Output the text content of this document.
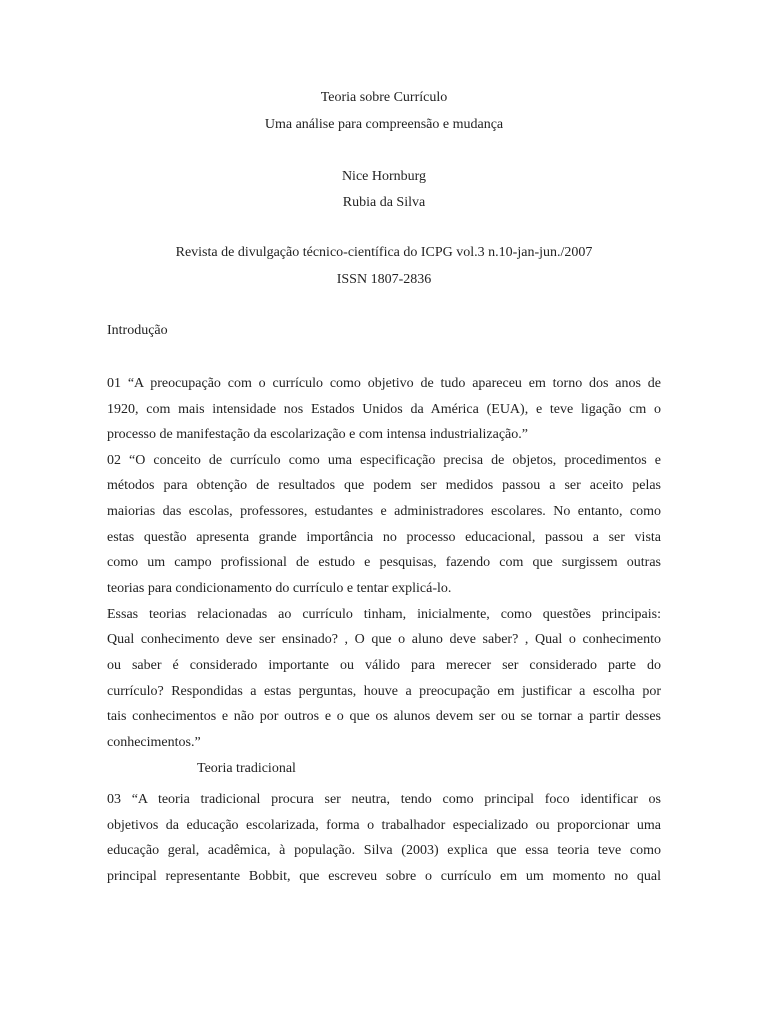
Teoria sobre Currículo
Uma análise para compreensão e mudança
Nice Hornburg
Rubia da Silva
Revista de divulgação técnico-científica do ICPG vol.3 n.10-jan-jun./2007
ISSN 1807-2836
Introdução
01 “A preocupação com o currículo como objetivo de tudo apareceu em torno dos anos de
1920, com mais intensidade nos Estados Unidos da América (EUA), e teve ligação cm o
processo de manifestação da escolarização e com intensa industrialização.”
02 “O conceito de currículo como uma especificação precisa de objetos, procedimentos e
métodos para obtenção de resultados que podem ser medidos passou a ser aceito pelas
maiorias das escolas, professores, estudantes e administradores escolares. No entanto, como
estas questão apresenta grande importância no processo educacional, passou a ser vista
como um campo profissional de estudo e pesquisas, fazendo com que surgissem outras
teorias para condicionamento do currículo e tentar explicá-lo.
Essas teorias relacionadas ao currículo tinham, inicialmente, como questões principais:
Qual conhecimento deve ser ensinado? , O que o aluno deve saber? , Qual o conhecimento
ou saber é considerado importante ou válido para merecer ser considerado parte do
currículo? Respondidas a estas perguntas, houve a preocupação em justificar a escolha por
tais conhecimentos e não por outros e o que os alunos devem ser ou se tornar a partir desses
conhecimentos.”
Teoria tradicional
03 “A teoria tradicional procura ser neutra, tendo como principal foco identificar os
objetivos da educação escolarizada, forma o trabalhador especializado ou proporcionar uma
educação geral, acadêmica, à população. Silva (2003) explica que essa teoria teve como
principal representante Bobbit, que escreveu sobre o currículo em um momento no qual
